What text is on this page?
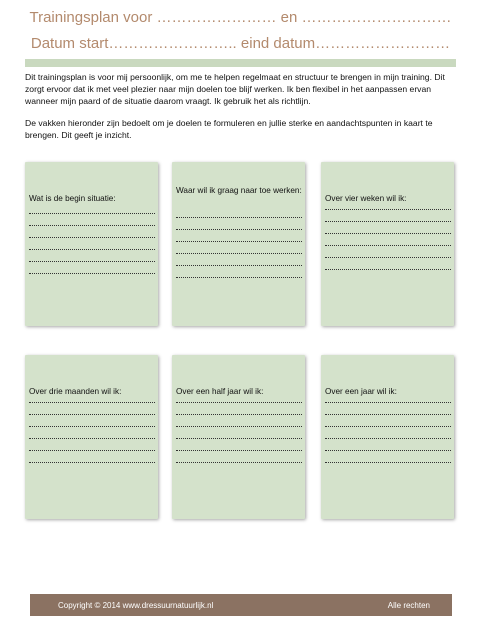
Trainingsplan voor …………………… en …………………………
Datum start…………………….. eind datum………………………

Dit trainingsplan is voor mij persoonlijk, om me te helpen regelmaat en structuur te brengen in mijn training. Dit zorgt ervoor dat ik met veel plezier naar mijn doelen toe blijf werken. Ik ben flexibel in het aanpassen ervan wanneer mijn paard of de situatie daarom vraagt. Ik gebruik het als richtlijn.

De vakken hieronder zijn bedoelt om je doelen te formuleren en jullie sterke en aandachtspunten in kaart te brengen. Dit geeft je inzicht.

Wat is de begin situatie:
Waar wil ik graag naar toe werken:
Over vier weken wil ik:
Over drie maanden wil ik:	Over een half jaar wil ik:	Over een jaar wil ik:
Copyright © 2014 www.dressuurnatuurlijk.nl	Alle rechten
